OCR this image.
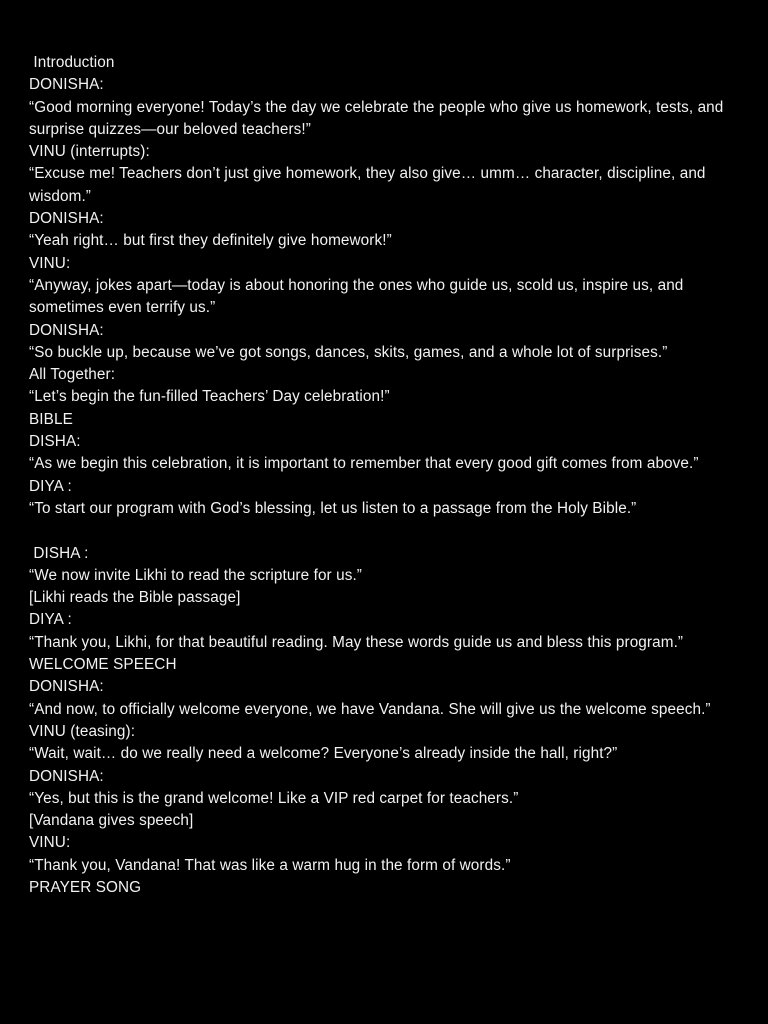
Introduction
DONISHA:
“Good morning everyone! Today’s the day we celebrate the people who give us homework, tests, and surprise quizzes—our beloved teachers!”
VINU (interrupts):
“Excuse me! Teachers don’t just give homework, they also give… umm… character, discipline, and wisdom.”
DONISHA:
“Yeah right… but first they definitely give homework!”
VINU:
“Anyway, jokes apart—today is about honoring the ones who guide us, scold us, inspire us, and sometimes even terrify us.”
DONISHA:
“So buckle up, because we’ve got songs, dances, skits, games, and a whole lot of surprises.”
All Together:
“Let’s begin the fun-filled Teachers’ Day celebration!”
BIBLE
DISHA:
“As we begin this celebration, it is important to remember that every good gift comes from above.”
DIYA :
“To start our program with God’s blessing, let us listen to a passage from the Holy Bible.”
DISHA :
“We now invite Likhi to read the scripture for us.”
[Likhi reads the Bible passage]
DIYA :
“Thank you, Likhi, for that beautiful reading. May these words guide us and bless this program.”
WELCOME SPEECH
DONISHA:
“And now, to officially welcome everyone, we have Vandana. She will give us the welcome speech.”
VINU (teasing):
“Wait, wait… do we really need a welcome? Everyone’s already inside the hall, right?”
DONISHA:
“Yes, but this is the grand welcome! Like a VIP red carpet for teachers.”
[Vandana gives speech]
VINU:
“Thank you, Vandana! That was like a warm hug in the form of words.”
PRAYER SONG
